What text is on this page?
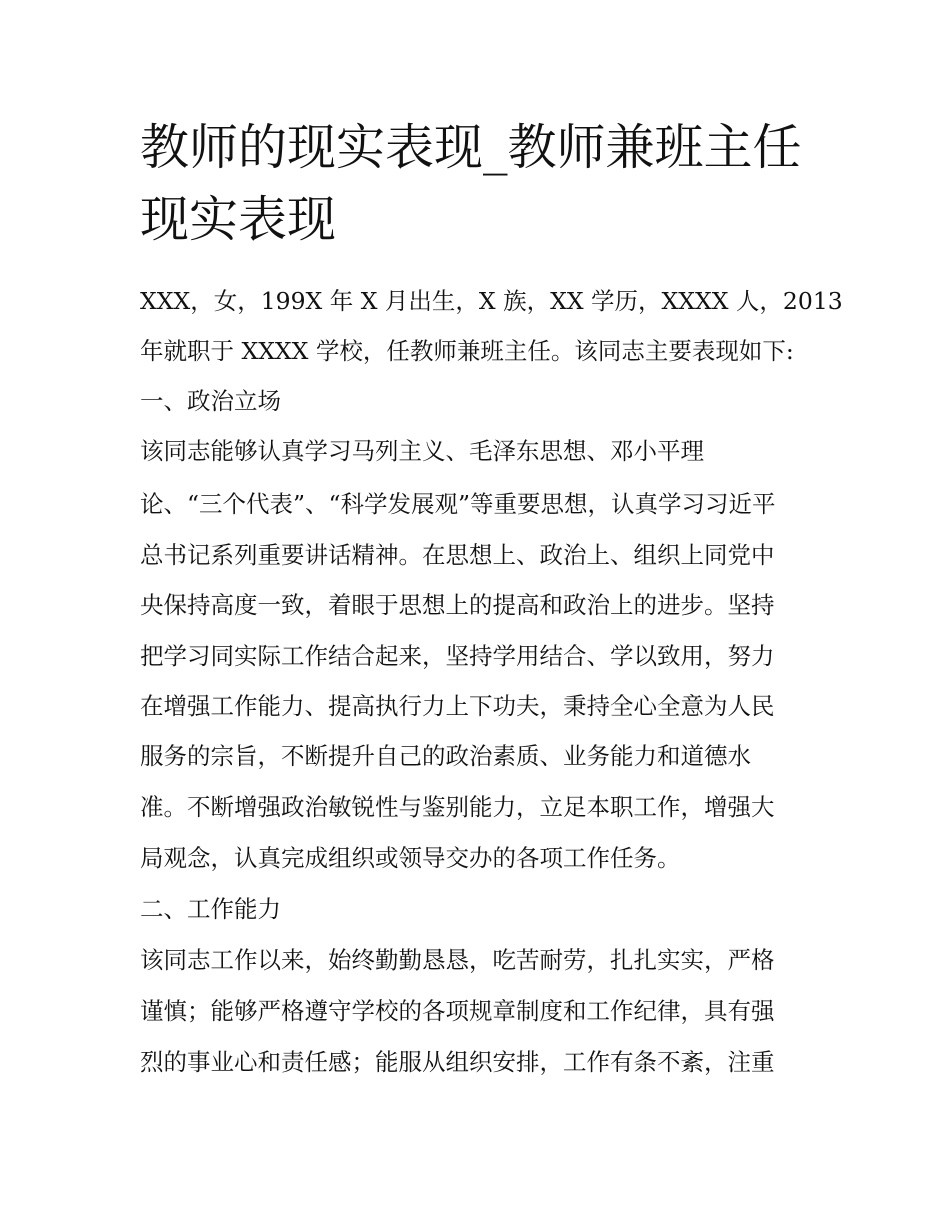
教师的现实表现_教师兼班主任
现实表现
XXX，女，199X 年 X 月出生，X 族，XX 学历，XXXX 人，2013
年就职于 XXXX 学校，任教师兼班主任。该同志主要表现如下:
一、政治立场
该同志能够认真学习马列主义、毛泽东思想、邓小平理
论、“三个代表”、“科学发展观”等重要思想，认真学习习近平
总书记系列重要讲话精神。在思想上、政治上、组织上同党中
央保持高度一致，着眼于思想上的提高和政治上的进步。坚持
把学习同实际工作结合起来，坚持学用结合、学以致用，努力
在增强工作能力、提高执行力上下功夫，秉持全心全意为人民
服务的宗旨，不断提升自己的政治素质、业务能力和道德水
准。不断增强政治敏锐性与鉴别能力，立足本职工作，增强大
局观念，认真完成组织或领导交办的各项工作任务。
二、工作能力
该同志工作以来，始终勤勤恳恳，吃苦耐劳，扎扎实实，严格
谨慎；能够严格遵守学校的各项规章制度和工作纪律，具有强
烈的事业心和责任感；能服从组织安排，工作有条不紊，注重
